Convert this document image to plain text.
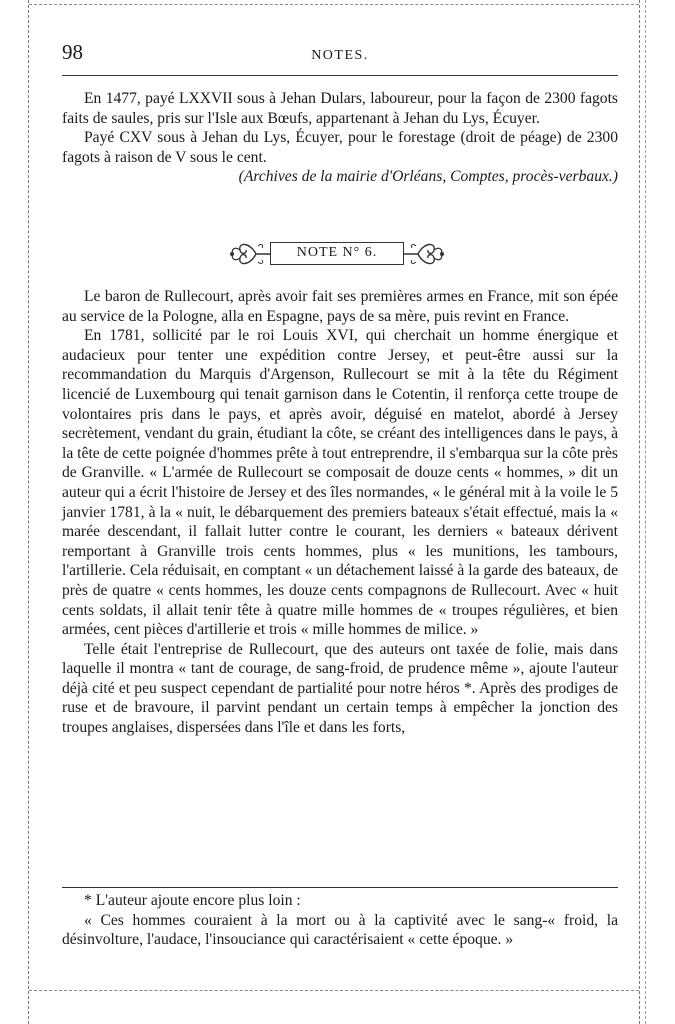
98	NOTES.

En 1477, payé LXXVII sous à Jehan Dulars, laboureur, pour la façon de 2300 fagots faits de saules, pris sur l'Isle aux Bœufs, appartenant à Jehan du Lys, Écuyer.

Payé CXV sous à Jehan du Lys, Écuyer, pour le forestage (droit de péage) de 2300 fagots à raison de V sous le cent.

(Archives de la mairie d'Orléans, Comptes, procès-verbaux.)

NOTE N° 6.

Le baron de Rullecourt, après avoir fait ses premières armes en France, mit son épée au service de la Pologne, alla en Espagne, pays de sa mère, puis revint en France.

En 1781, sollicité par le roi Louis XVI, qui cherchait un homme énergique et audacieux pour tenter une expédition contre Jersey, et peut-être aussi sur la recommandation du Marquis d'Argenson, Rullecourt se mit à la tête du Régiment licencié de Luxembourg qui tenait garnison dans le Cotentin, il renforça cette troupe de volontaires pris dans le pays, et après avoir, déguisé en matelot, abordé à Jersey secrètement, vendant du grain, étudiant la côte, se créant des intelligences dans le pays, à la tête de cette poignée d'hommes prête à tout entreprendre, il s'embarqua sur la côte près de Granville. « L'armée de Rullecourt se composait de douze cents « hommes, » dit un auteur qui a écrit l'histoire de Jersey et des îles normandes, « le général mit à la voile le 5 janvier 1781, à la « nuit, le débarquement des premiers bateaux s'était effectué, mais la « marée descendant, il fallait lutter contre le courant, les derniers « bateaux dérivent remportant à Granville trois cents hommes, plus « les munitions, les tambours, l'artillerie. Cela réduisait, en comptant « un détachement laissé à la garde des bateaux, de près de quatre « cents hommes, les douze cents compagnons de Rullecourt. Avec « huit cents soldats, il allait tenir tête à quatre mille hommes de « troupes régulières, et bien armées, cent pièces d'artillerie et trois « mille hommes de milice. »

Telle était l'entreprise de Rullecourt, que des auteurs ont taxée de folie, mais dans laquelle il montra « tant de courage, de sang-froid, de prudence même », ajoute l'auteur déjà cité et peu suspect cependant de partialité pour notre héros *. Après des prodiges de ruse et de bravoure, il parvint pendant un certain temps à empêcher la jonction des troupes anglaises, dispersées dans l'île et dans les forts,

* L'auteur ajoute encore plus loin :

« Ces hommes couraient à la mort ou à la captivité avec le sang-« froid, la désinvolture, l'audace, l'insouciance qui caractérisaient « cette époque. »
